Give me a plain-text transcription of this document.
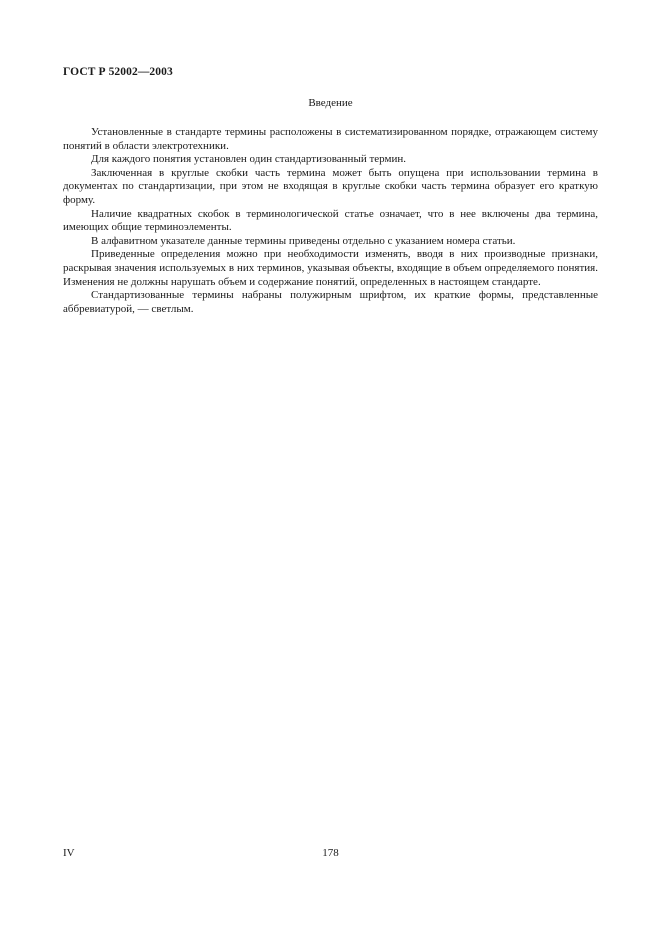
ГОСТ Р 52002—2003
Введение

Установленные в стандарте термины расположены в систематизированном порядке, отражающем систему понятий в области электротехники.

Для каждого понятия установлен один стандартизованный термин.

Заключенная в круглые скобки часть термина может быть опущена при использовании термина в документах по стандартизации, при этом не входящая в круглые скобки часть термина образует его краткую форму.

Наличие квадратных скобок в терминологической статье означает, что в нее включены два термина, имеющих общие терминоэлементы.

В алфавитном указателе данные термины приведены отдельно с указанием номера статьи.

Приведенные определения можно при необходимости изменять, вводя в них производные признаки, раскрывая значения используемых в них терминов, указывая объекты, входящие в объем определяемого понятия. Изменения не должны нарушать объем и содержание понятий, определенных в настоящем стандарте.

Стандартизованные термины набраны полужирным шрифтом, их краткие формы, представленные аббревиатурой, — светлым.

IV	178
